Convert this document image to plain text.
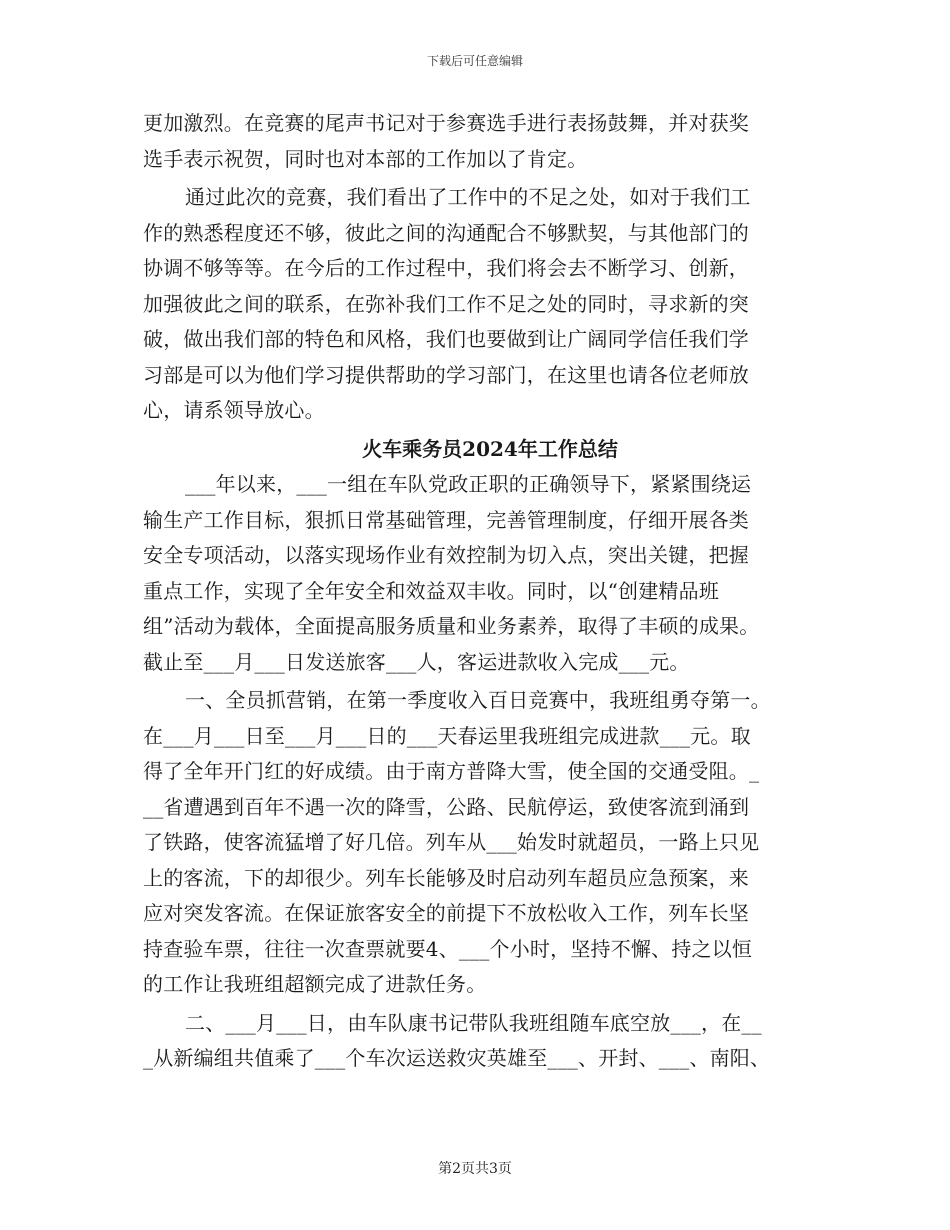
下载后可任意编辑
更加激烈。在竞赛的尾声书记对于参赛选手进行表扬鼓舞，并对获奖
选手表示祝贺，同时也对本部的工作加以了肯定。
通过此次的竞赛，我们看出了工作中的不足之处，如对于我们工
作的熟悉程度还不够，彼此之间的沟通配合不够默契，与其他部门的
协调不够等等。在今后的工作过程中，我们将会去不断学习、创新，
加强彼此之间的联系，在弥补我们工作不足之处的同时，寻求新的突
破，做出我们部的特色和风格，我们也要做到让广阔同学信任我们学
习部是可以为他们学习提供帮助的学习部门，在这里也请各位老师放
心，请系领导放心。
火车乘务员2024年工作总结
___年以来，___一组在车队党政正职的正确领导下，紧紧围绕运
输生产工作目标，狠抓日常基础管理，完善管理制度，仔细开展各类
安全专项活动，以落实现场作业有效控制为切入点，突出关键，把握
重点工作，实现了全年安全和效益双丰收。同时，以“创建精品班
组”活动为载体，全面提高服务质量和业务素养，取得了丰硕的成果。
截止至___月___日发送旅客___人，客运进款收入完成___元。
一、全员抓营销，在第一季度收入百日竞赛中，我班组勇夺第一。
在___月___日至___月___日的___天春运里我班组完成进款___元。取
得了全年开门红的好成绩。由于南方普降大雪，使全国的交通受阻。_
__省遭遇到百年不遇一次的降雪，公路、民航停运，致使客流到涌到
了铁路，使客流猛增了好几倍。列车从___始发时就超员，一路上只见
上的客流，下的却很少。列车长能够及时启动列车超员应急预案，来
应对突发客流。在保证旅客安全的前提下不放松收入工作，列车长坚
持查验车票，往往一次查票就要4、___个小时，坚持不懈、持之以恒
的工作让我班组超额完成了进款任务。
二、___月___日，由车队康书记带队我班组随车底空放___，在__
_从新编组共值乘了___个车次运送救灾英雄至___、开封、___、南阳、
第2页共3页
